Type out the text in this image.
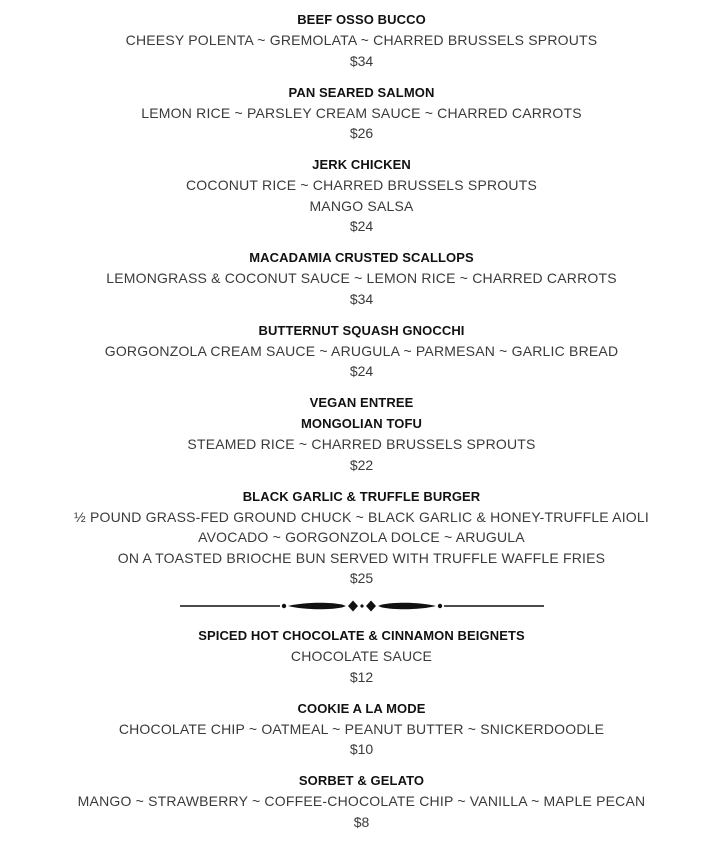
BEEF OSSO BUCCO
CHEESY POLENTA ~ GREMOLATA ~ CHARRED BRUSSELS SPROUTS
$34
PAN SEARED SALMON
LEMON RICE ~ PARSLEY CREAM SAUCE ~ CHARRED CARROTS
$26
JERK CHICKEN
COCONUT RICE ~ CHARRED BRUSSELS SPROUTS
MANGO SALSA
$24
MACADAMIA CRUSTED SCALLOPS
LEMONGRASS & COCONUT SAUCE ~ LEMON RICE ~ CHARRED CARROTS
$34
BUTTERNUT SQUASH GNOCCHI
GORGONZOLA CREAM SAUCE ~ ARUGULA ~ PARMESAN ~ GARLIC BREAD
$24
VEGAN ENTREE
MONGOLIAN TOFU
STEAMED RICE ~ CHARRED BRUSSELS SPROUTS
$22
BLACK GARLIC & TRUFFLE BURGER
½ POUND GRASS-FED GROUND CHUCK ~ BLACK GARLIC & HONEY-TRUFFLE AIOLI
AVOCADO ~ GORGONZOLA DOLCE ~ ARUGULA
ON A TOASTED BRIOCHE BUN SERVED WITH TRUFFLE WAFFLE FRIES
$25
SPICED HOT CHOCOLATE & CINNAMON BEIGNETS
CHOCOLATE SAUCE
$12
COOKIE A LA MODE
CHOCOLATE CHIP ~ OATMEAL ~ PEANUT BUTTER ~ SNICKERDOODLE
$10
SORBET & GELATO
MANGO ~ STRAWBERRY ~ COFFEE-CHOCOLATE CHIP ~ VANILLA ~ MAPLE PECAN
$8
